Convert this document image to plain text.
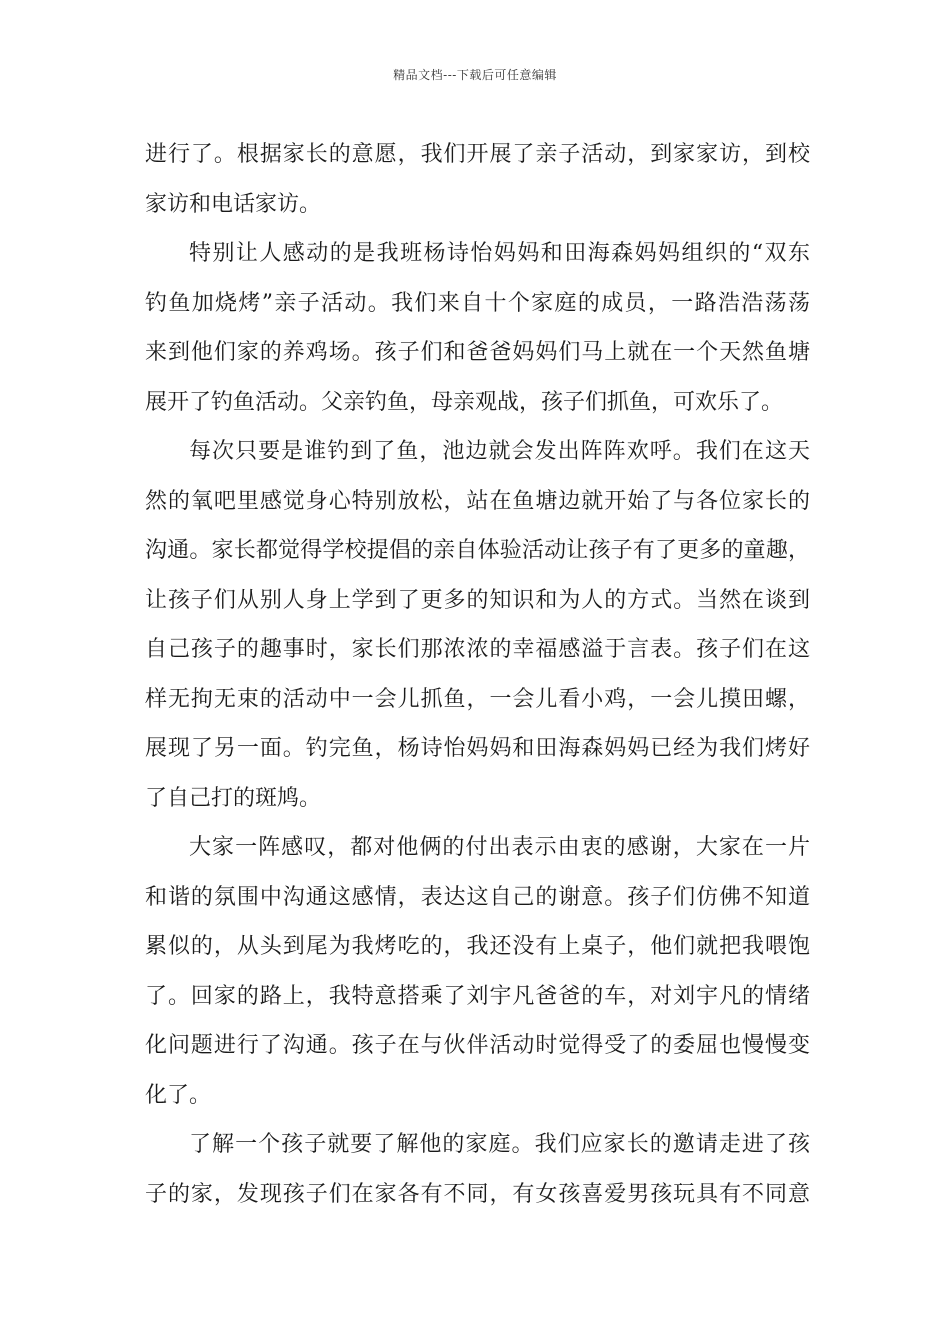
精品文档---下载后可任意编辑
进行了。根据家长的意愿，我们开展了亲子活动，到家家访，到校
家访和电话家访。
特别让人感动的是我班杨诗怡妈妈和田海森妈妈组织的“双东
钓鱼加烧烤”亲子活动。我们来自十个家庭的成员，一路浩浩荡荡
来到他们家的养鸡场。孩子们和爸爸妈妈们马上就在一个天然鱼塘
展开了钓鱼活动。父亲钓鱼，母亲观战，孩子们抓鱼，可欢乐了。
每次只要是谁钓到了鱼，池边就会发出阵阵欢呼。我们在这天
然的氧吧里感觉身心特别放松，站在鱼塘边就开始了与各位家长的
沟通。家长都觉得学校提倡的亲自体验活动让孩子有了更多的童趣，
让孩子们从别人身上学到了更多的知识和为人的方式。当然在谈到
自己孩子的趣事时，家长们那浓浓的幸福感溢于言表。孩子们在这
样无拘无束的活动中一会儿抓鱼，一会儿看小鸡，一会儿摸田螺，
展现了另一面。钓完鱼，杨诗怡妈妈和田海森妈妈已经为我们烤好
了自己打的斑鸠。
大家一阵感叹，都对他俩的付出表示由衷的感谢，大家在一片
和谐的氛围中沟通这感情，表达这自己的谢意。孩子们仿佛不知道
累似的，从头到尾为我烤吃的，我还没有上桌子，他们就把我喂饱
了。回家的路上，我特意搭乘了刘宇凡爸爸的车，对刘宇凡的情绪
化问题进行了沟通。孩子在与伙伴活动时觉得受了的委屈也慢慢变
化了。
了解一个孩子就要了解他的家庭。我们应家长的邀请走进了孩
子的家，发现孩子们在家各有不同，有女孩喜爱男孩玩具有不同意
